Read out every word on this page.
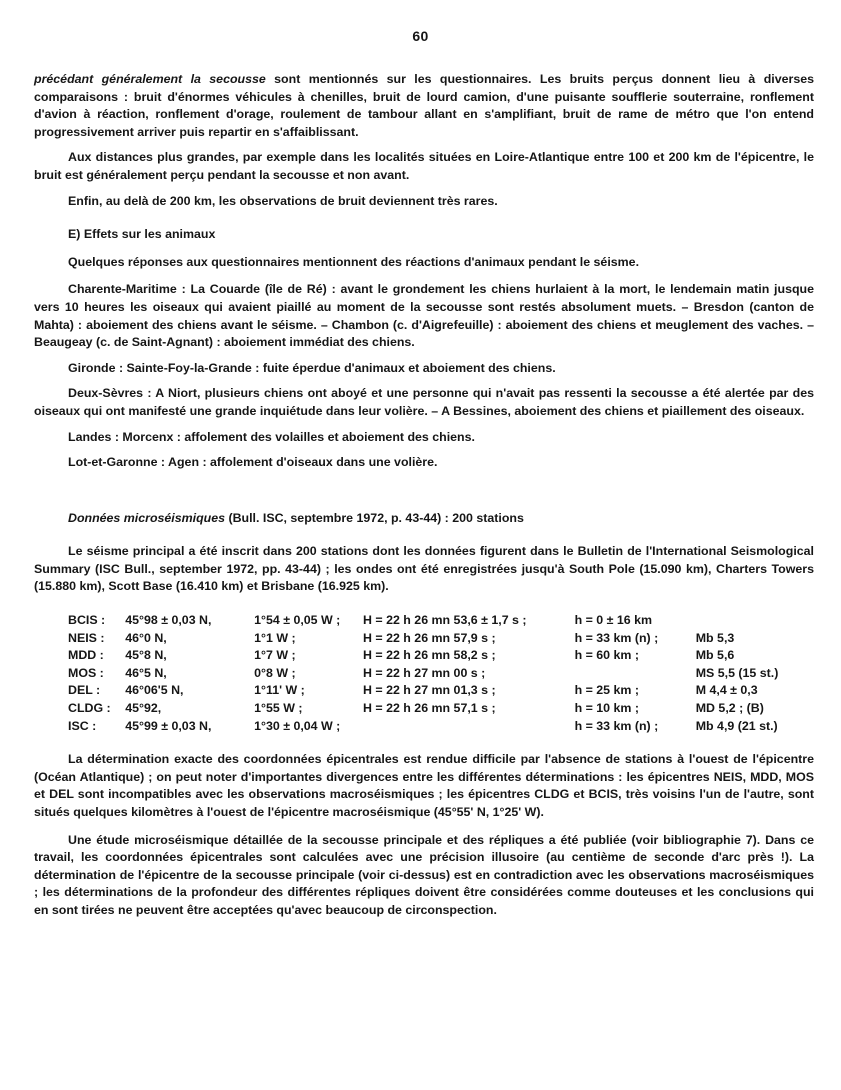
60

précédant généralement la secousse sont mentionnés sur les questionnaires. Les bruits perçus donnent lieu à diverses comparaisons : bruit d'énormes véhicules à chenilles, bruit de lourd camion, d'une puisante soufflerie souterraine, ronflement d'avion à réaction, ronflement d'orage, roulement de tambour allant en s'amplifiant, bruit de rame de métro que l'on entend progressivement arriver puis repartir en s'affaiblissant.

Aux distances plus grandes, par exemple dans les localités situées en Loire-Atlantique entre 100 et 200 km de l'épicentre, le bruit est généralement perçu pendant la secousse et non avant.

Enfin, au delà de 200 km, les observations de bruit deviennent très rares.

E) Effets sur les animaux

Quelques réponses aux questionnaires mentionnent des réactions d'animaux pendant le séisme.

Charente-Maritime : La Couarde (île de Ré) : avant le grondement les chiens hurlaient à la mort, le lendemain matin jusque vers 10 heures les oiseaux qui avaient piaillé au moment de la secousse sont restés absolument muets. – Bresdon (canton de Mahta) : aboiement des chiens avant le séisme. – Chambon (c. d'Aigrefeuille) : aboiement des chiens et meuglement des vaches. – Beaugeay (c. de Saint-Agnant) : aboiement immédiat des chiens.

Gironde : Sainte-Foy-la-Grande : fuite éperdue d'animaux et aboiement des chiens.

Deux-Sèvres : A Niort, plusieurs chiens ont aboyé et une personne qui n'avait pas ressenti la secousse a été alertée par des oiseaux qui ont manifesté une grande inquiétude dans leur volière. – A Bessines, aboiement des chiens et piaillement des oiseaux.

Landes : Morcenx : affolement des volailles et aboiement des chiens.

Lot-et-Garonne : Agen : affolement d'oiseaux dans une volière.

Données microséismiques (Bull. ISC, septembre 1972, p. 43-44) : 200 stations

Le séisme principal a été inscrit dans 200 stations dont les données figurent dans le Bulletin de l'International Seismological Summary (ISC Bull., september 1972, pp. 43-44) ; les ondes ont été enregistrées jusqu'à South Pole (15.090 km), Charters Towers (15.880 km), Scott Base (16.410 km) et Brisbane (16.925 km).

BCIS :	45°98 ± 0,03 N,	1°54 ± 0,05 W ;	H = 22 h 26 mn 53,6 ± 1,7 s ;	h = 0 ± 16 km	
NEIS :	46°0 N,	1°1 W ;	H = 22 h 26 mn 57,9 s ;	h = 33 km (n) ;	Mb 5,3
MDD :	45°8 N,	1°7 W ;	H = 22 h 26 mn 58,2 s ;	h = 60 km ;	Mb 5,6
MOS :	46°5 N,	0°8 W ;	H = 22 h 27 mn 00 s ;		MS 5,5 (15 st.)
DEL :	46°06'5 N,	1°11' W ;	H = 22 h 27 mn 01,3 s ;	h = 25 km ;	M 4,4 ± 0,3
CLDG :	45°92,	1°55 W ;	H = 22 h 26 mn 57,1 s ;	h = 10 km ;	MD 5,2 ; (B)
ISC :	45°99 ± 0,03 N,	1°30 ± 0,04 W ;		h = 33 km (n) ;	Mb 4,9 (21 st.)

La détermination exacte des coordonnées épicentrales est rendue difficile par l'absence de stations à l'ouest de l'épicentre (Océan Atlantique) ; on peut noter d'importantes divergences entre les différentes déterminations : les épicentres NEIS, MDD, MOS et DEL sont incompatibles avec les observations macroséismiques ; les épicentres CLDG et BCIS, très voisins l'un de l'autre, sont situés quelques kilomètres à l'ouest de l'épicentre macroséismique (45°55' N, 1°25' W).

Une étude microséismique détaillée de la secousse principale et des répliques a été publiée (voir bibliographie 7). Dans ce travail, les coordonnées épicentrales sont calculées avec une précision illusoire (au centième de seconde d'arc près !). La détermination de l'épicentre de la secousse principale (voir ci-dessus) est en contradiction avec les observations macroséismiques ; les déterminations de la profondeur des différentes répliques doivent être considérées comme douteuses et les conclusions qui en sont tirées ne peuvent être acceptées qu'avec beaucoup de circonspection.
